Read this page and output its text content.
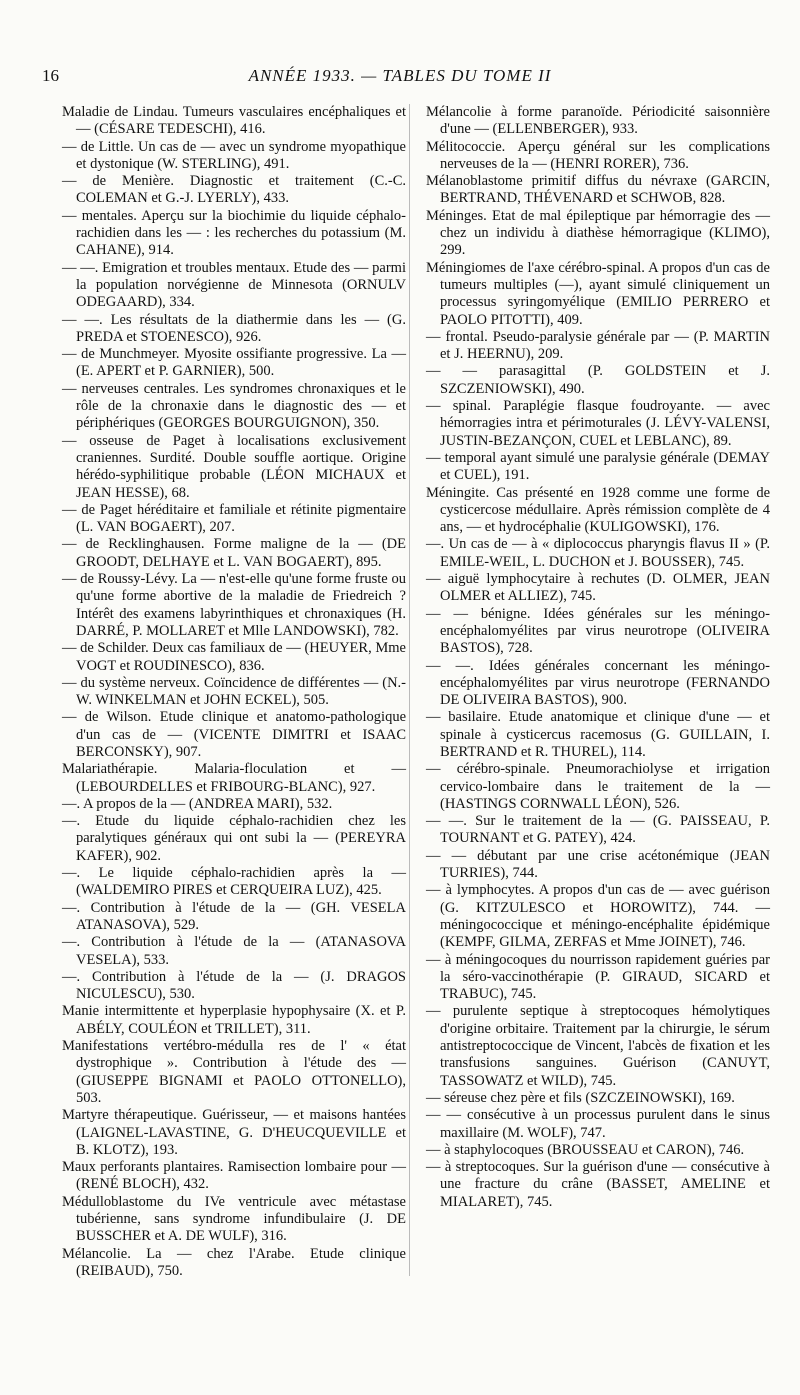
16	ANNÉE 1933. — TABLES DU TOME II

Maladie de Lindau. Tumeurs vasculaires encéphaliques et — (CÉSARE TEDESCHI), 416.

— de Little. Un cas de — avec un syndrome myopathique et dystonique (W. STERLING), 491.

— de Menière. Diagnostic et traitement (C.-C. COLEMAN et G.-J. LYERLY), 433.

— mentales. Aperçu sur la biochimie du liquide céphalo-rachidien dans les — : les recherches du potassium (M. CAHANE), 914.

— —. Emigration et troubles mentaux. Etude des — parmi la population norvégienne de Minnesota (ORNULV ODEGAARD), 334.

— —. Les résultats de la diathermie dans les — (G. PREDA et STOENESCO), 926.

— de Munchmeyer. Myosite ossifiante progressive. La — (E. APERT et P. GARNIER), 500.

— nerveuses centrales. Les syndromes chronaxiques et le rôle de la chronaxie dans le diagnostic des — et périphériques (GEORGES BOURGUIGNON), 350.

— osseuse de Paget à localisations exclusivement craniennes. Surdité. Double souffle aortique. Origine hérédo-syphilitique probable (LÉON MICHAUX et JEAN HESSE), 68.

— de Paget héréditaire et familiale et rétinite pigmentaire (L. VAN BOGAERT), 207.

— de Recklinghausen. Forme maligne de la — (DE GROODT, DELHAYE et L. VAN BOGAERT), 895.

— de Roussy-Lévy. La — n'est-elle qu'une forme fruste ou qu'une forme abortive de la maladie de Friedreich ? Intérêt des examens labyrinthiques et chronaxiques (H. DARRÉ, P. MOLLARET et Mlle LANDOWSKI), 782.

— de Schilder. Deux cas familiaux de — (HEUYER, Mme VOGT et ROUDINESCO), 836.

— du système nerveux. Coïncidence de différentes — (N.-W. WINKELMAN et JOHN ECKEL), 505.

— de Wilson. Etude clinique et anatomo-pathologique d'un cas de — (VICENTE DIMITRI et ISAAC BERCONSKY), 907.

Malariathérapie. Malaria-floculation et — (LEBOURDELLES et FRIBOURG-BLANC), 927.

—. A propos de la — (ANDREA MARI), 532.

—. Etude du liquide céphalo-rachidien chez les paralytiques généraux qui ont subi la — (PEREYRA KAFER), 902.

—. Le liquide céphalo-rachidien après la — (WALDEMIRO PIRES et CERQUEIRA LUZ), 425.

—. Contribution à l'étude de la — (GH. VESELA ATANASOVA), 529.

—. Contribution à l'étude de la — (ATANASOVA VESELA), 533.

—. Contribution à l'étude de la — (J. DRAGOS NICULESCU), 530.

Manie intermittente et hyperplasie hypophysaire (X. et P. ABÉLY, COULÉON et TRILLET), 311.

Manifestations vertébro-médulla res de l' « état dystrophique ». Contribution à l'étude des — (GIUSEPPE BIGNAMI et PAOLO OTTONELLO), 503.

Martyre thérapeutique. Guérisseur, — et maisons hantées (LAIGNEL-LAVASTINE, G. D'HEUCQUEVILLE et B. KLOTZ), 193.

Maux perforants plantaires. Ramisection lombaire pour — (RENÉ BLOCH), 432.

Médulloblastome du IVe ventricule avec métastase tubérienne, sans syndrome infundibulaire (J. DE BUSSCHER et A. DE WULF), 316.

Mélancolie. La — chez l'Arabe. Etude clinique (REIBAUD), 750.

Mélancolie à forme paranoïde. Périodicité saisonnière d'une — (ELLENBERGER), 933.

Mélitococcie. Aperçu général sur les complications nerveuses de la — (HENRI RORER), 736.

Mélanoblastome primitif diffus du névraxe (GARCIN, BERTRAND, THÉVENARD et SCHWOB, 828.

Méninges. Etat de mal épileptique par hémorragie des — chez un individu à diathèse hémorragique (KLIMO), 299.

Méningiomes de l'axe cérébro-spinal. A propos d'un cas de tumeurs multiples (—), ayant simulé cliniquement un processus syringomyélique (EMILIO PERRERO et PAOLO PITOTTI), 409.

— frontal. Pseudo-paralysie générale par — (P. MARTIN et J. HEERNU), 209.

— — parasagittal (P. GOLDSTEIN et J. SZCZENIOWSKI), 490.

— spinal. Paraplégie flasque foudroyante. — avec hémorragies intra et périmoturales (J. LÉVY-VALENSI, JUSTIN-BEZANÇON, CUEL et LEBLANC), 89.

— temporal ayant simulé une paralysie générale (DEMAY et CUEL), 191.

Méningite. Cas présenté en 1928 comme une forme de cysticercose médullaire. Après rémission complète de 4 ans, — et hydrocéphalie (KULIGOWSKI), 176.

—. Un cas de — à « diplococcus pharyngis flavus II » (P. EMILE-WEIL, L. DUCHON et J. BOUSSER), 745.

— aiguë lymphocytaire à rechutes (D. OLMER, JEAN OLMER et ALLIEZ), 745.

— — bénigne. Idées générales sur les méningo-encéphalomyélites par virus neurotrope (OLIVEIRA BASTOS), 728.

— —. Idées générales concernant les méningo-encéphalomyélites par virus neurotrope (FERNANDO DE OLIVEIRA BASTOS), 900.

— basilaire. Etude anatomique et clinique d'une — et spinale à cysticercus racemosus (G. GUILLAIN, I. BERTRAND et R. THUREL), 114.

— cérébro-spinale. Pneumorachiolyse et irrigation cervico-lombaire dans le traitement de la — (HASTINGS CORNWALL LÉON), 526.

— —. Sur le traitement de la — (G. PAISSEAU, P. TOURNANT et G. PATEY), 424.

— — débutant par une crise acétonémique (JEAN TURRIES), 744.

— à lymphocytes. A propos d'un cas de — avec guérison (G. KITZULESCO et HOROWITZ), 744. — méningococcique et méningo-encéphalite épidémique (KEMPF, GILMA, ZERFAS et Mme JOINET), 746.

— à méningocoques du nourrisson rapidement guéries par la séro-vaccinothérapie (P. GIRAUD, SICARD et TRABUC), 745.

— purulente septique à streptocoques hémolytiques d'origine orbitaire. Traitement par la chirurgie, le sérum antistreptococcique de Vincent, l'abcès de fixation et les transfusions sanguines. Guérison (CANUYT, TASSOWATZ et WILD), 745.

— séreuse chez père et fils (SZCZEINOWSKI), 169.

— — consécutive à un processus purulent dans le sinus maxillaire (M. WOLF), 747.

— à staphylocoques (BROUSSEAU et CARON), 746.

— à streptocoques. Sur la guérison d'une — consécutive à une fracture du crâne (BASSET, AMELINE et MIALARET), 745.
